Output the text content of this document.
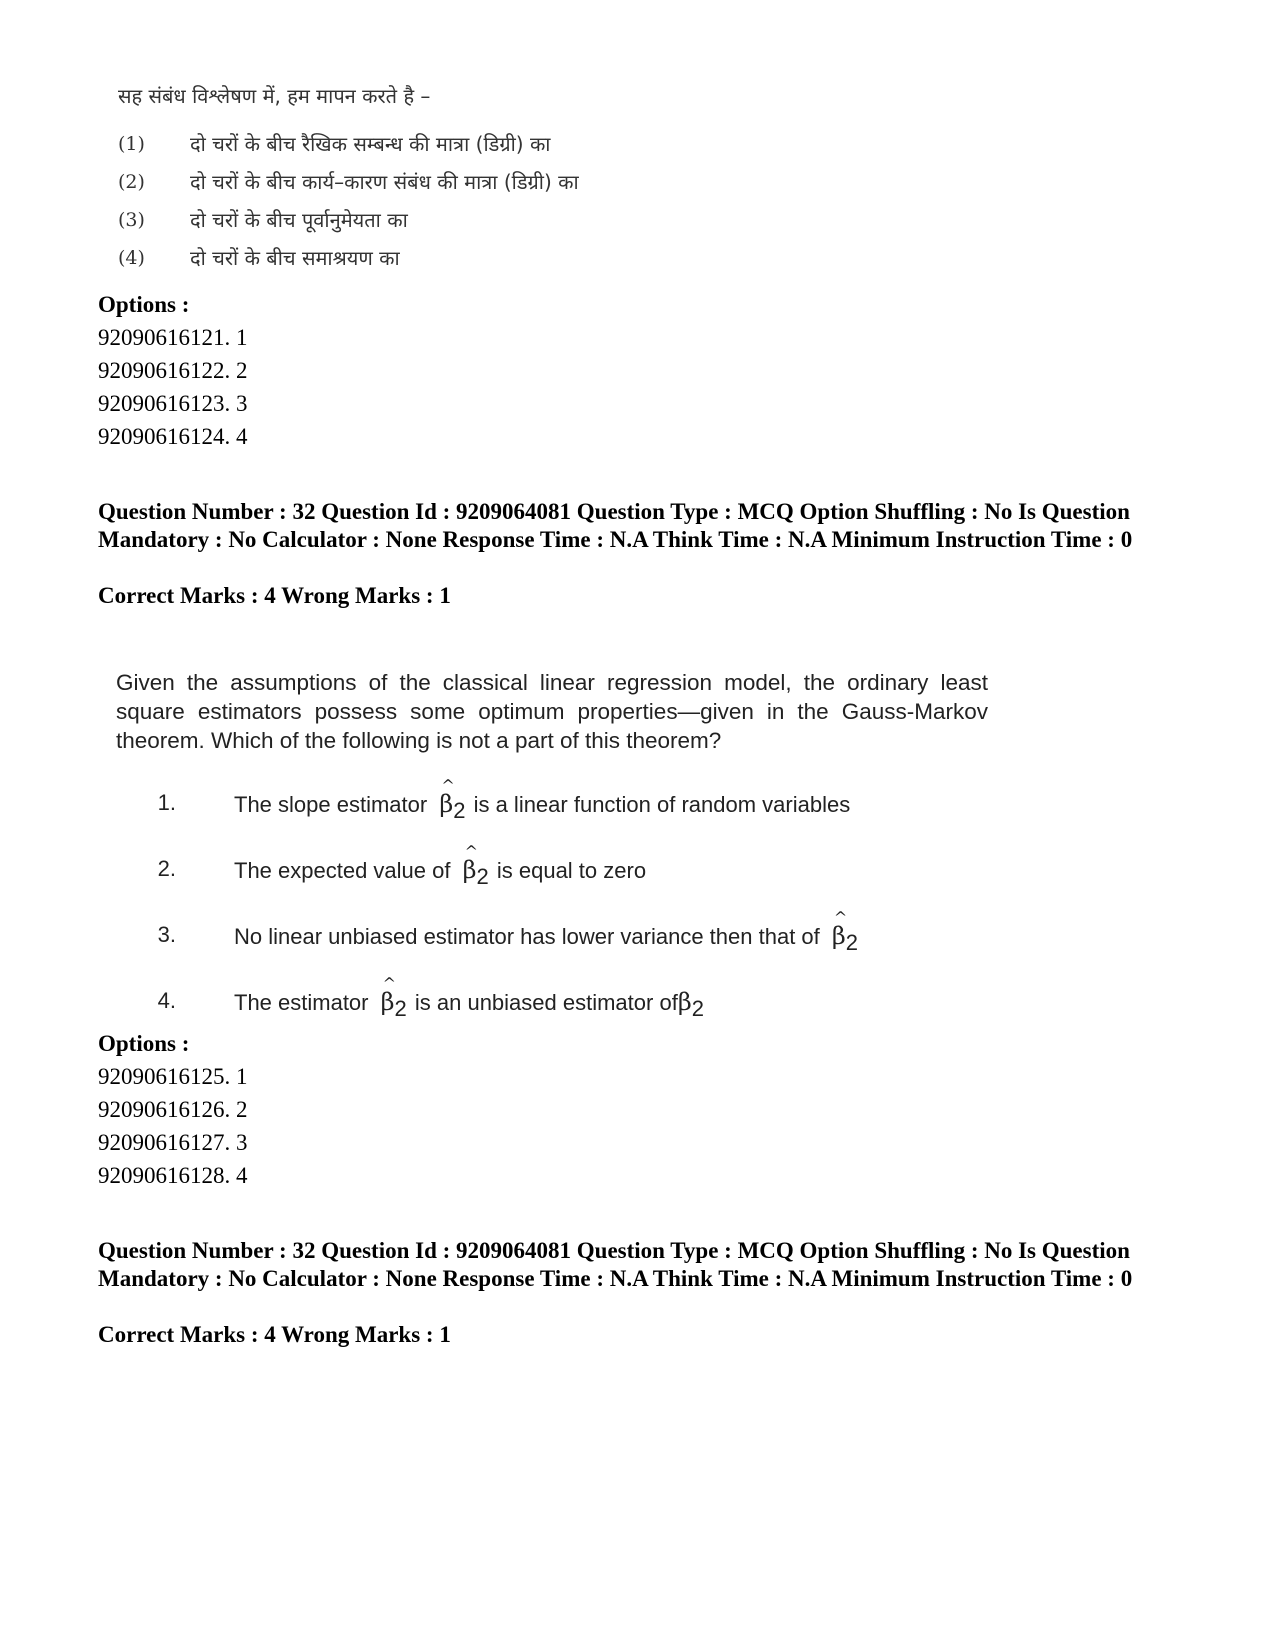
सह संबंध विश्लेषण में, हम मापन करते है –

(1)	दो चरों के बीच रैखिक सम्बन्ध की मात्रा (डिग्री) का
(2)	दो चरों के बीच कार्य–कारण संबंध की मात्रा (डिग्री) का
(3)	दो चरों के बीच पूर्वानुमेयता का
(4)	दो चरों के बीच समाश्रयण का
Options :
92090616121. 1
92090616122. 2
92090616123. 3
92090616124. 4

Question Number : 32 Question Id : 9209064081 Question Type : MCQ Option Shuffling : No Is Question Mandatory : No Calculator : None Response Time : N.A Think Time : N.A Minimum Instruction Time : 0

Correct Marks : 4 Wrong Marks : 1

Given the assumptions of the classical linear regression model, the ordinary least square estimators possess some optimum properties—given in the Gauss-Markov theorem. Which of the following is not a part of this theorem?

1.	The slope estimator
^
$\beta_2$ is a linear function of random variables
2.	The expected value of
^
$\beta_2$ is equal to zero
3.	No linear unbiased estimator has lower variance then that of
^
$\beta_2$
4.	The estimator
^
$\beta_2$ is an unbiased estimator ofβ$_2$
Options :
92090616125. 1
92090616126. 2
92090616127. 3
92090616128. 4

Question Number : 32 Question Id : 9209064081 Question Type : MCQ Option Shuffling : No Is Question Mandatory : No Calculator : None Response Time : N.A Think Time : N.A Minimum Instruction Time : 0

Correct Marks : 4 Wrong Marks : 1
